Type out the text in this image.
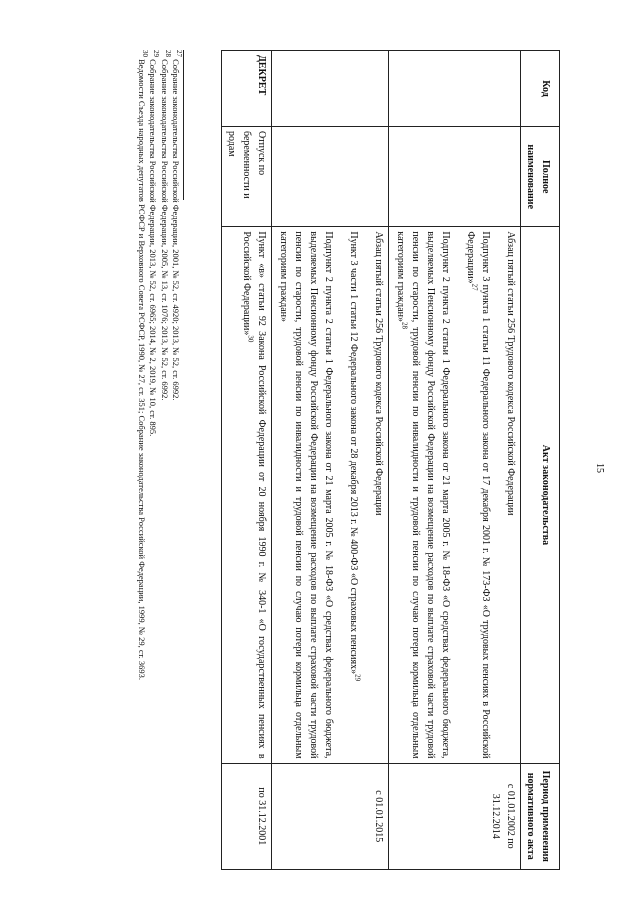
15
Код	Полное наименование	Акт законодательства	Период применения нормативного акта

		Абзац пятый статьи 256 Трудового кодекса Российской Федерации

Подпункт 3 пункта 1 статьи 11 Федерального закона от 17 декабря 2001 г. № 173-ФЗ «О трудовых пенсиях в Российской Федерации»$^{27}$

Подпункт 2 пункта 2 статьи 1 Федерального закона от 21 марта 2005 г. № 18-ФЗ «О средствах федерального бюджета, выделяемых Пенсионному фонду Российской Федерации на возмещение расходов по выплате страховой части трудовой пенсии по старости, трудовой пенсии по инвалидности и трудовой пенсии по случаю потери кормильца отдельным категориям граждан»$^{28}$	с 01.01.2002 по 31.12.2014

		Абзац пятый статьи 256 Трудового кодекса Российской Федерации

Пункт 3 части 1 статьи 12 Федерального закона от 28 декабря 2013 г. № 400-ФЗ «О страховых пенсиях»$^{29}$

Подпункт 2 пункта 2 статьи 1 Федерального закона от 21 марта 2005 г. № 18-ФЗ «О средствах федерального бюджета, выделяемых Пенсионному фонду Российской Федерации на возмещение расходов по выплате страховой части трудовой пенсии по старости, трудовой пенсии по инвалидности и трудовой пенсии по случаю потери кормильца отдельным категориям граждан»	с 01.01.2015
ДЕКРЕТ	Отпуск по беременности и родам	Пункт «в» статьи 92 Закона Российской Федерации от 20 ноября 1990 г. № 340-1 «О государственных пенсиях в Российской Федерации»$^{30}$	по 31.12.2001

$^{27}$ Собрание законодательства Российской Федерации, 2001, № 52, ст. 4920; 2013, № 52, ст. 6992.

$^{28}$ Собрание законодательства Российской Федерации, 2005, № 13, ст. 1076; 2013, № 52, ст. 6992.

$^{29}$ Собрание законодательства Российской Федерации, 2013, № 52, ст. 6965; 2014, № 2, 2019, № 10, ст. 895.

$^{30}$ Ведомости Съезда народных депутатов РСФСР и Верховного Совета РСФСР, 1990, № 27, ст. 351; Собрание законодательства Российской Федерации, 1999, № 29, ст. 3693.
